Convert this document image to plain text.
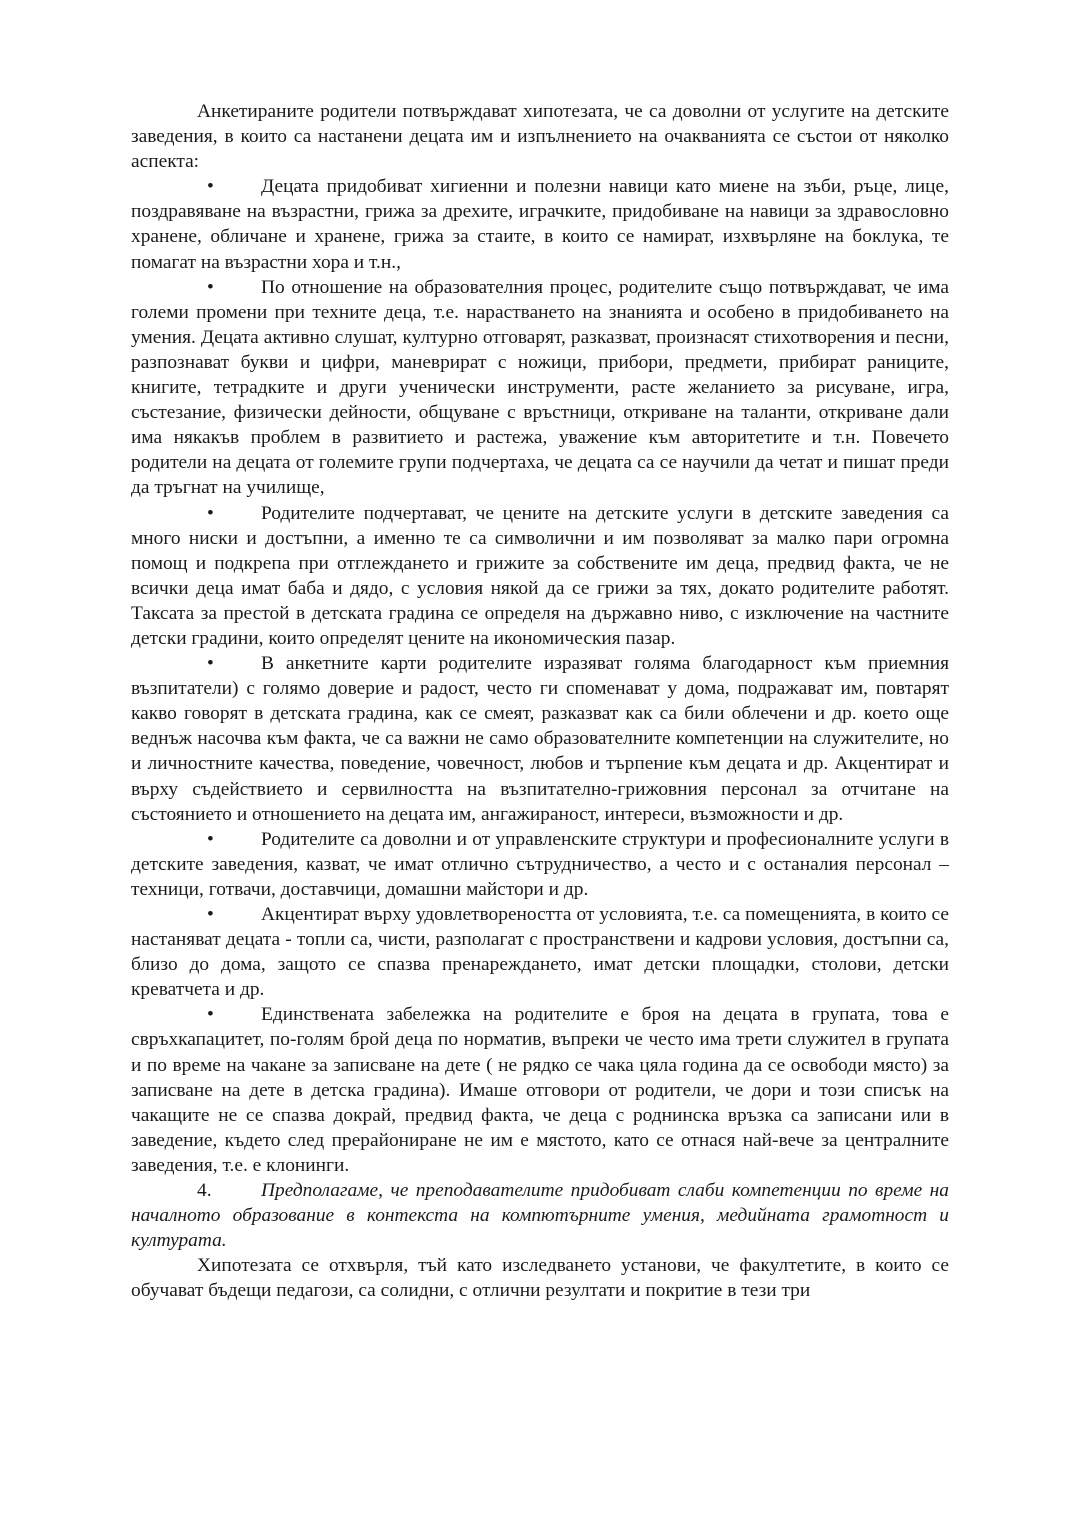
Анкетираните родители потвърждават хипотезата, че са доволни от услугите на детските заведения, в които са настанени децата им и изпълнението на очакванията се състои от няколко аспекта:

• Децата придобиват хигиенни и полезни навици като миене на зъби, ръце, лице, поздравяване на възрастни, грижа за дрехите, играчките, придобиване на навици за здравословно хранене, обличане и хранене, грижа за стаите, в които се намират, изхвърляне на боклука, те помагат на възрастни хора и т.н.,

• По отношение на образователния процес, родителите също потвърждават, че има големи промени при техните деца, т.е. нарастването на знанията и особено в придобиването на умения. Децата активно слушат, културно отговарят, разказват, произнасят стихотворения и песни, разпознават букви и цифри, маневрират с ножици, прибори, предмети, прибират раниците, книгите, тетрадките и други ученически инструменти, расте желанието за рисуване, игра, състезание, физически дейности, общуване с връстници, откриване на таланти, откриване дали има някакъв проблем в развитието и растежа, уважение към авторитетите и т.н. Повечето родители на децата от големите групи подчертаха, че децата са се научили да четат и пишат преди да тръгнат на училище,

• Родителите подчертават, че цените на детските услуги в детските заведения са много ниски и достъпни, а именно те са символични и им позволяват за малко пари огромна помощ и подкрепа при отглеждането и грижите за собствените им деца, предвид факта, че не всички деца имат баба и дядо, с условия някой да се грижи за тях, докато родителите работят. Таксата за престой в детската градина се определя на държавно ниво, с изключение на частните детски градини, които определят цените на икономическия пазар.

• В анкетните карти родителите изразяват голяма благодарност към приемния възпитатели) с голямо доверие и радост, често ги споменават у дома, подражават им, повтарят какво говорят в детската градина, как се смеят, разказват как са били облечени и др. което още веднъж насочва към факта, че са важни не само образователните компетенции на служителите, но и личностните качества, поведение, човечност, любов и търпение към децата и др. Акцентират и върху съдействието и сервилността на възпитателно-грижовния персонал за отчитане на състоянието и отношението на децата им, ангажираност, интереси, възможности и др.

• Родителите са доволни и от управленските структури и професионалните услуги в детските заведения, казват, че имат отлично сътрудничество, а често и с останалия персонал – техници, готвачи, доставчици, домашни майстори и др.

• Акцентират върху удовлетвореността от условията, т.е. са помещенията, в които се настаняват децата - топли са, чисти, разполагат с пространствени и кадрови условия, достъпни са, близо до дома, защото се спазва пренареждането, имат детски площадки, столови, детски креватчета и др.

• Единствената забележка на родителите е броя на децата в групата, това е свръхкапацитет, по-голям брой деца по норматив, въпреки че често има трети служител в групата и по време на чакане за записване на дете ( не рядко се чака цяла година да се освободи място) за записване на дете в детска градина). Имаше отговори от родители, че дори и този списък на чакащите не се спазва докрай, предвид факта, че деца с роднинска връзка са записани или в заведение, където след прерайониране не им е мястото, като се отнася най-вече за централните заведения, т.е. е клонинги.

4.	Предполагаме, че преподавателите придобиват слаби компетенции по време на началното образование в контекста на компютърните умения, медийната грамотност и културата.

Хипотезата се отхвърля, тъй като изследването установи, че факултетите, в които се обучават бъдещи педагози, са солидни, с отлични резултати и покритие в тези три
